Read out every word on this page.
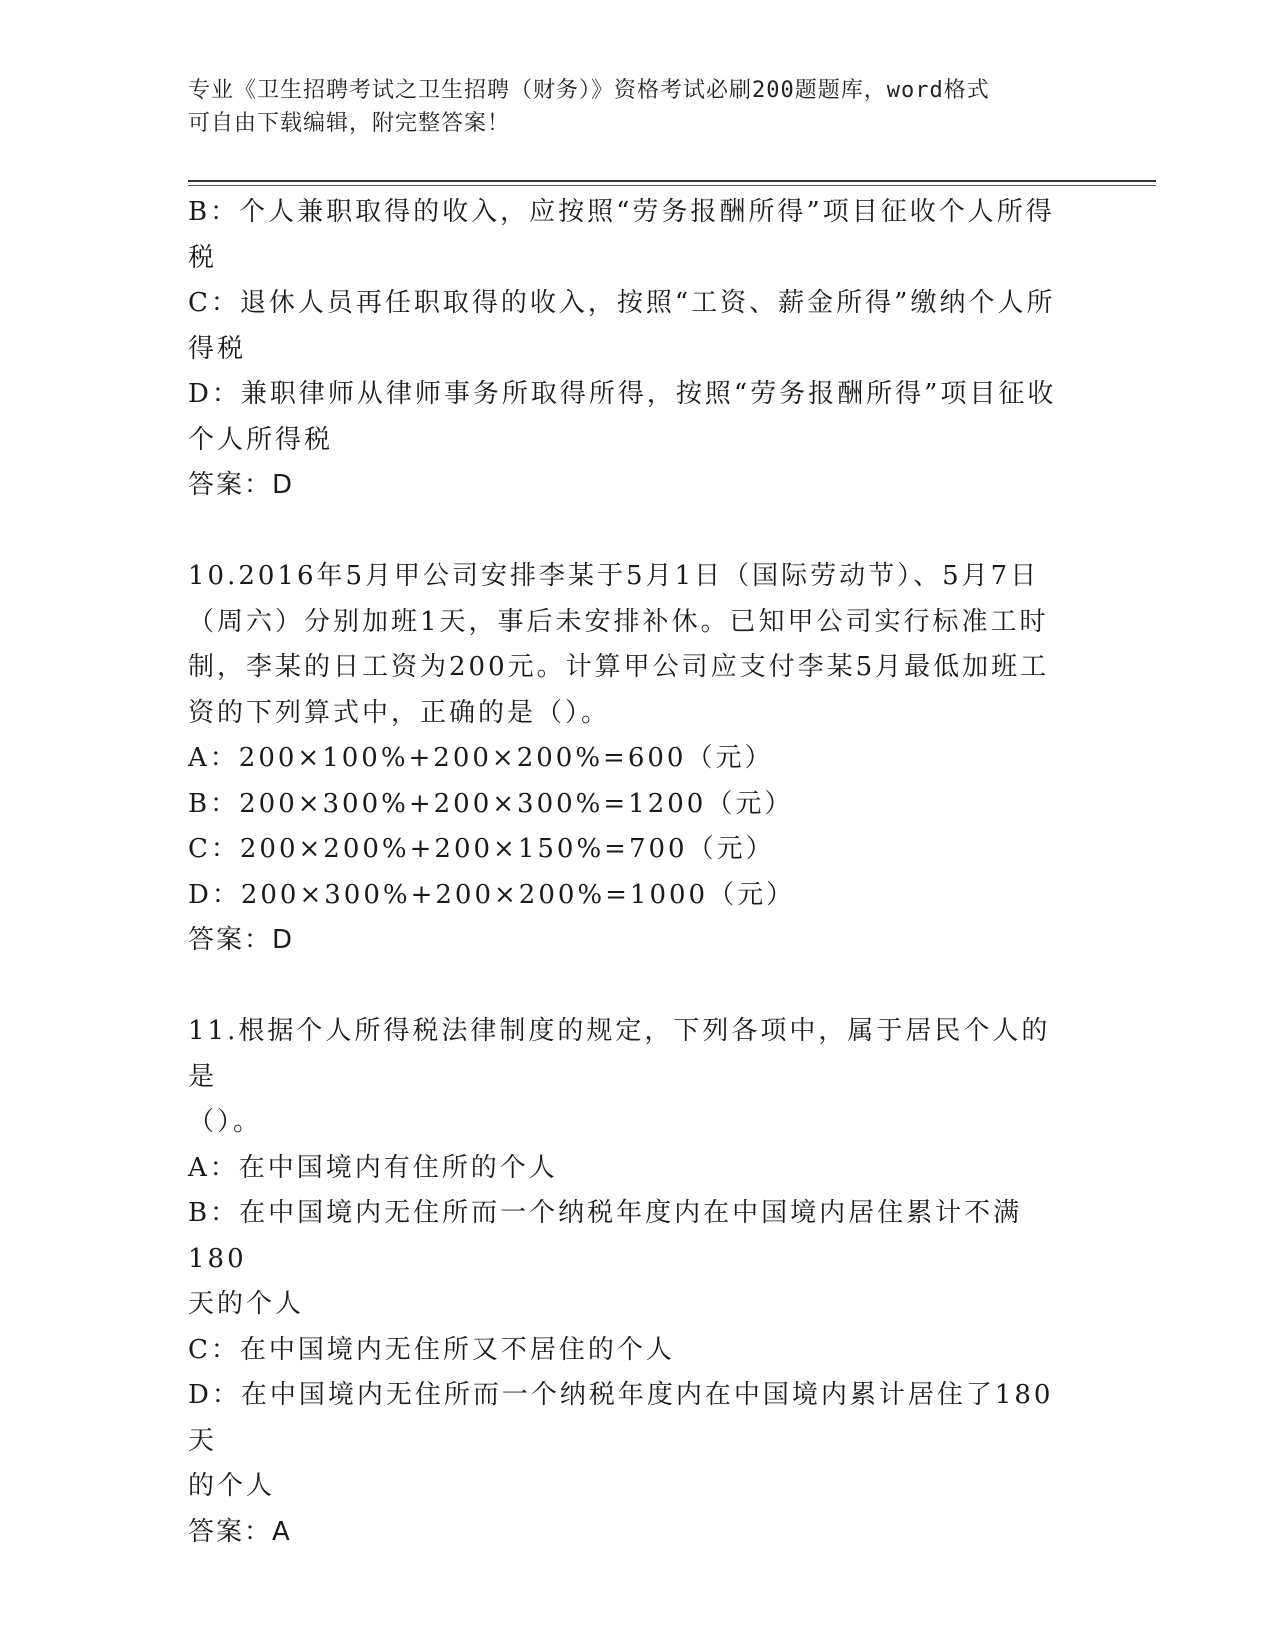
专业《卫生招聘考试之卫生招聘（财务）》资格考试必刷200题题库，word格式
可自由下载编辑，附完整答案！
B：个人兼职取得的收入，应按照“劳务报酬所得”项目征收个人所得
税
C：退休人员再任职取得的收入，按照“工资、薪金所得”缴纳个人所
得税
D：兼职律师从律师事务所取得所得，按照“劳务报酬所得”项目征收
个人所得税
答案：D
10.2016年5月甲公司安排李某于5月1日（国际劳动节）、5月7日
（周六）分别加班1天，事后未安排补休。已知甲公司实行标准工时
制，李某的日工资为200元。计算甲公司应支付李某5月最低加班工
资的下列算式中，正确的是（）。
A：200×100%+200×200%=600（元）
B：200×300%+200×300%=1200（元）
C：200×200%+200×150%=700（元）
D：200×300%+200×200%=1000（元）
答案：D
11.根据个人所得税法律制度的规定，下列各项中，属于居民个人的是
（）。
A：在中国境内有住所的个人
B：在中国境内无住所而一个纳税年度内在中国境内居住累计不满180
天的个人
C：在中国境内无住所又不居住的个人
D：在中国境内无住所而一个纳税年度内在中国境内累计居住了180天
的个人
答案：A
